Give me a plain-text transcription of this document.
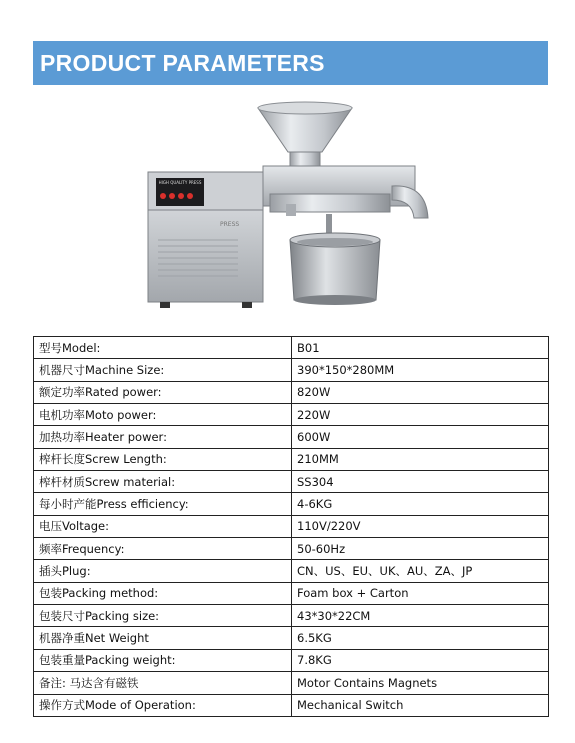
PRODUCT PARAMETERS
HIGH QUALITY PRESS
PRESS
型号Model:	B01
机器尺寸Machine Size:	390*150*280MM
额定功率Rated power:	820W
电机功率Moto power:	220W
加热功率Heater power:	600W
榨杆长度Screw Length:	210MM
榨杆材质Screw material:	SS304
每小时产能Press efficiency:	4-6KG
电压Voltage:	110V/220V
频率Frequency:	50-60Hz
插头Plug:	CN、US、EU、UK、AU、ZA、JP
包装Packing method:	Foam box + Carton
包装尺寸Packing size:	43*30*22CM
机器净重Net Weight	6.5KG
包装重量Packing weight:	7.8KG
备注: 马达含有磁铁	Motor Contains Magnets
操作方式Mode of Operation:	Mechanical Switch
